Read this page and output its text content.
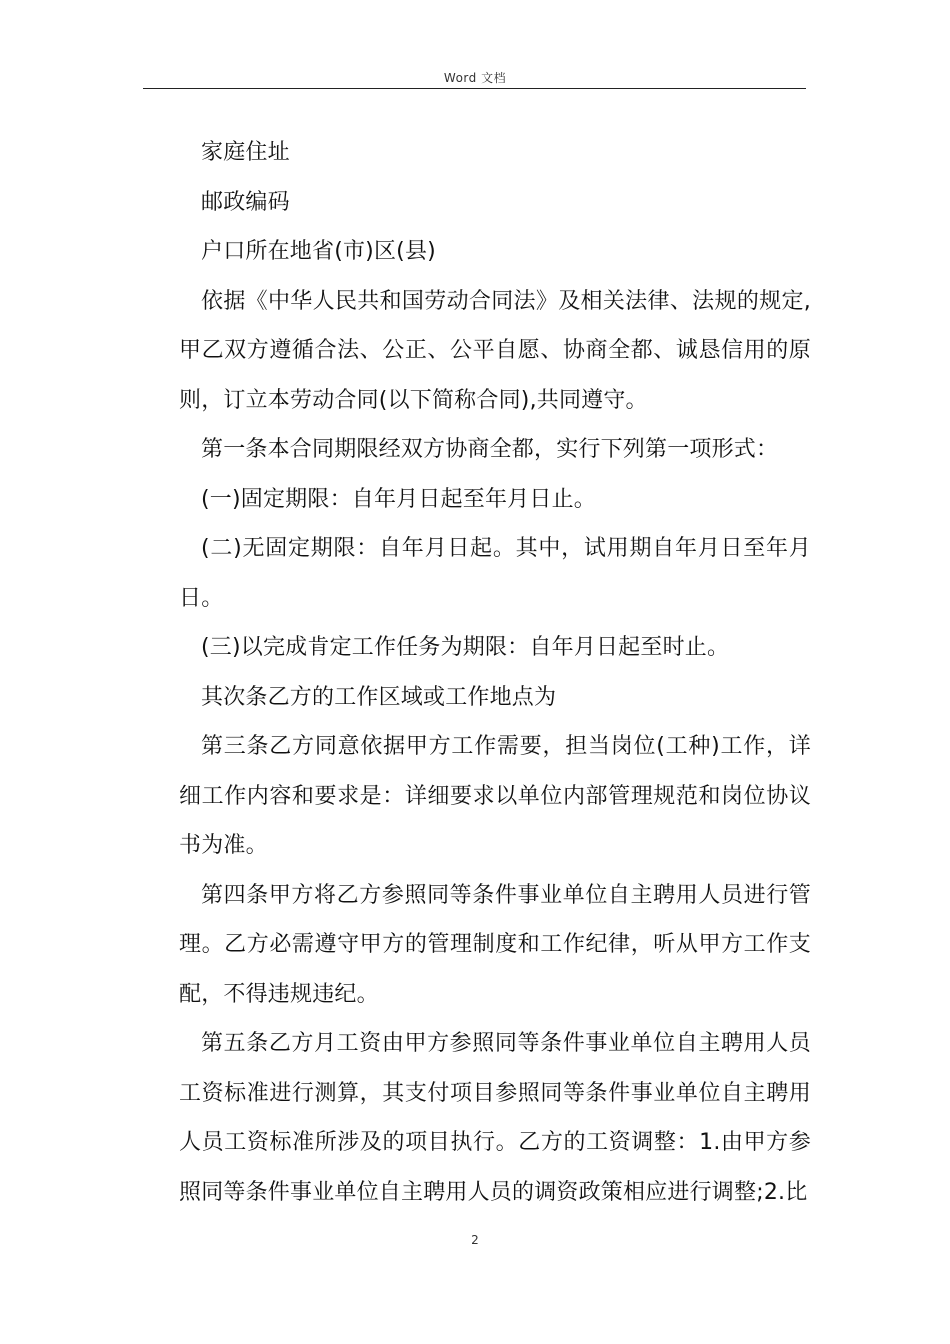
Word 文档

家庭住址

邮政编码

户口所在地省(市)区(县)

依据《中华人民共和国劳动合同法》及相关法律、法规的规定,甲乙双方遵循合法、公正、公平自愿、协商全都、诚恳信用的原则，订立本劳动合同(以下简称合同),共同遵守。

第一条本合同期限经双方协商全都，实行下列第一项形式：

(一)固定期限：自年月日起至年月日止。

(二)无固定期限：自年月日起。其中，试用期自年月日至年月日。

(三)以完成肯定工作任务为期限：自年月日起至时止。

其次条乙方的工作区域或工作地点为

第三条乙方同意依据甲方工作需要，担当岗位(工种)工作，详细工作内容和要求是：详细要求以单位内部管理规范和岗位协议书为准。

第四条甲方将乙方参照同等条件事业单位自主聘用人员进行管理。乙方必需遵守甲方的管理制度和工作纪律，听从甲方工作支配，不得违规违纪。

第五条乙方月工资由甲方参照同等条件事业单位自主聘用人员工资标准进行测算，其支付项目参照同等条件事业单位自主聘用人员工资标准所涉及的项目执行。乙方的工资调整：1.由甲方参照同等条件事业单位自主聘用人员的调资政策相应进行调整;2.比

2
